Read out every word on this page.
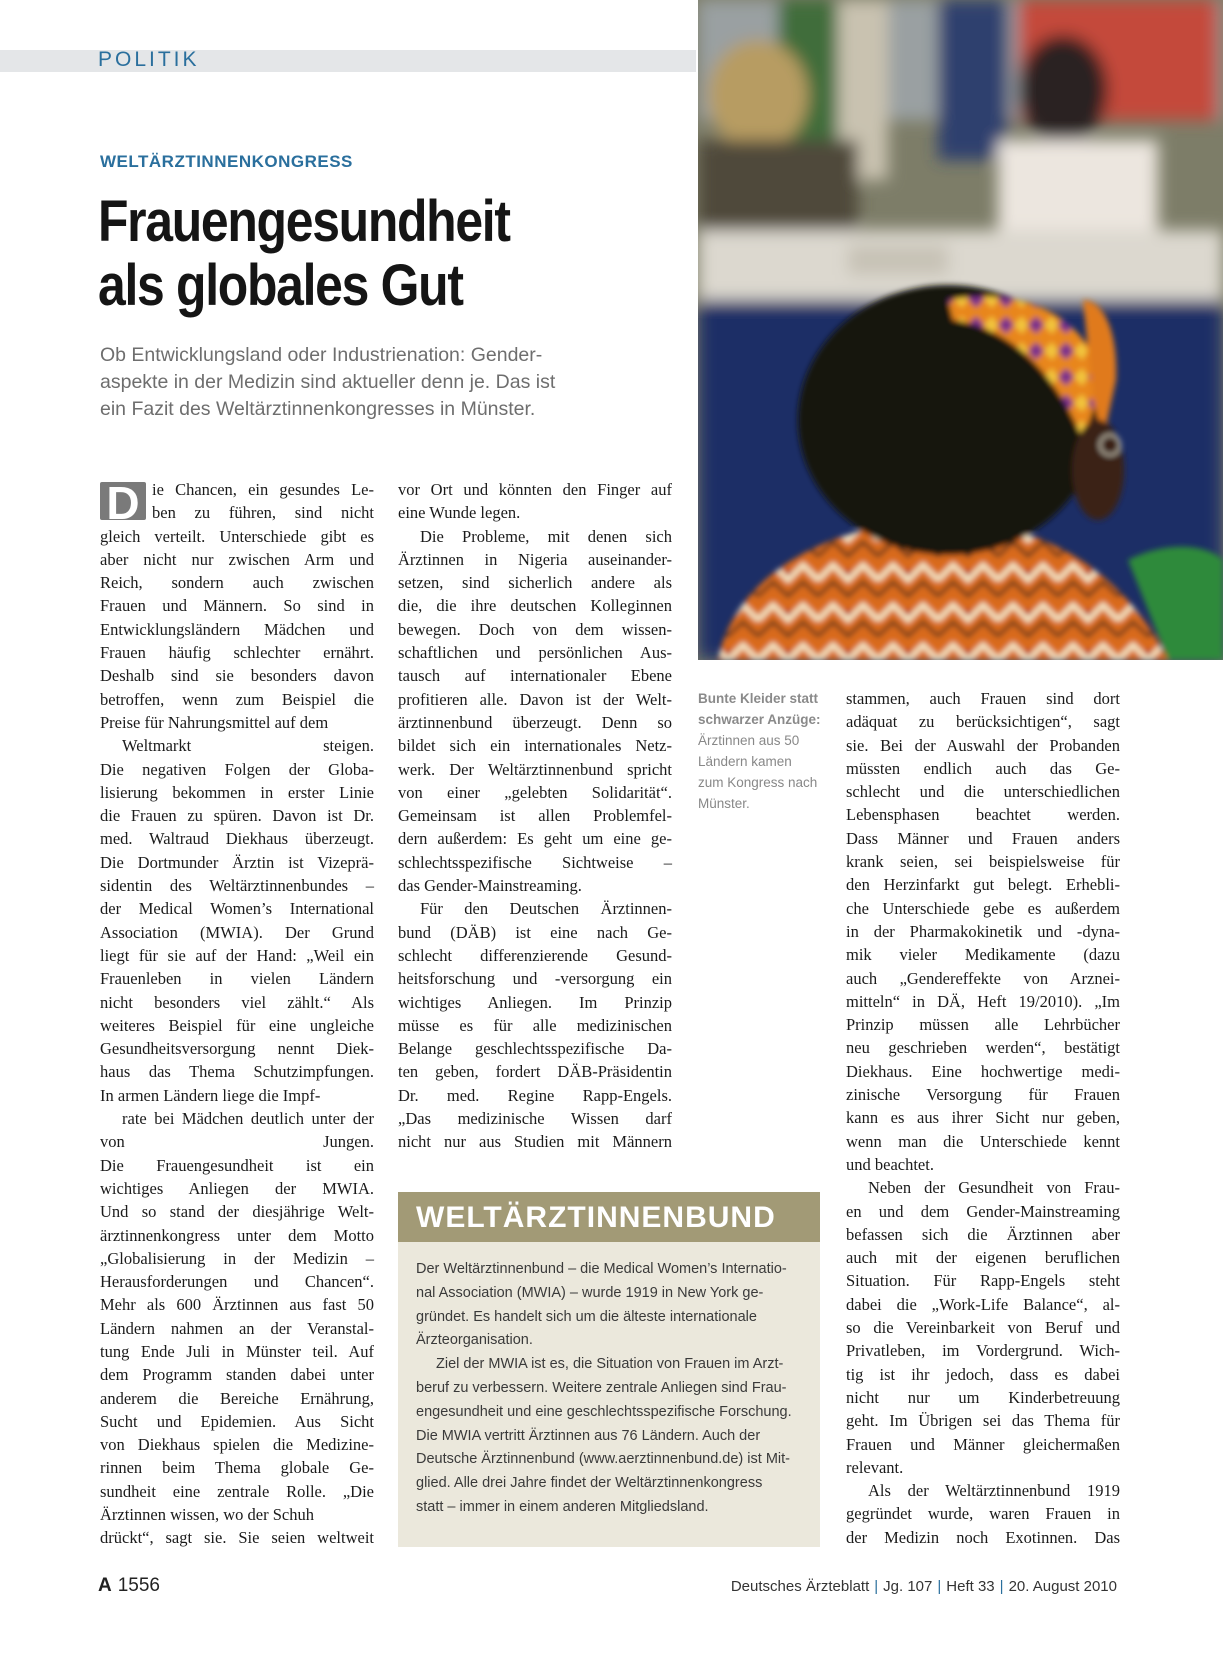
POLITIK
WELTÄRZTINNENKONGRESS
Frauengesundheit
als globales Gut
Ob Entwicklungsland oder Industrienation: Gender-
aspekte in der Medizin sind aktueller denn je. Das ist
ein Fazit des Weltärztinnenkongresses in Münster.
D ie Chancen, ein gesundes Le-
ben zu führen, sind nicht
gleich verteilt. Unterschiede gibt es
aber nicht nur zwischen Arm und
Reich, sondern auch zwischen
Frauen und Männern. So sind in
Entwicklungsländern Mädchen und
Frauen häufig schlechter ernährt.
Deshalb sind sie besonders davon
betroffen, wenn zum Beispiel die
Preise für Nahrungsmittel auf dem
Weltmarkt steigen.
Die negativen Folgen der Globa-
lisierung bekommen in erster Linie
die Frauen zu spüren. Davon ist Dr.
med. Waltraud Diekhaus überzeugt.
Die Dortmunder Ärztin ist Vizeprä-
sidentin des Weltärztinnenbundes –
der Medical Women’s International
Association (MWIA). Der Grund
liegt für sie auf der Hand: „Weil ein
Frauenleben in vielen Ländern
nicht besonders viel zählt.“ Als
weiteres Beispiel für eine ungleiche
Gesundheitsversorgung nennt Diek-
haus das Thema Schutzimpfungen.
In armen Ländern liege die Impf-
rate bei Mädchen deutlich unter der
von Jungen.
Die Frauengesundheit ist ein
wichtiges Anliegen der MWIA.
Und so stand der diesjährige Welt-
ärztinnenkongress unter dem Motto
„Globalisierung in der Medizin –
Herausforderungen und Chancen“.
Mehr als 600 Ärztinnen aus fast 50
Ländern nahmen an der Veranstal-
tung Ende Juli in Münster teil. Auf
dem Programm standen dabei unter
anderem die Bereiche Ernährung,
Sucht und Epidemien. Aus Sicht
von Diekhaus spielen die Medizine-
rinnen beim Thema globale Ge-
sundheit eine zentrale Rolle. „Die
Ärztinnen wissen, wo der Schuh
drückt“, sagt sie. Sie seien weltweit
vor Ort und könnten den Finger auf
eine Wunde legen.
Die Probleme, mit denen sich
Ärztinnen in Nigeria auseinander-
setzen, sind sicherlich andere als
die, die ihre deutschen Kolleginnen
bewegen. Doch von dem wissen-
schaftlichen und persönlichen Aus-
tausch auf internationaler Ebene
profitieren alle. Davon ist der Welt-
ärztinnenbund überzeugt. Denn so
bildet sich ein internationales Netz-
werk. Der Weltärztinnenbund spricht
von einer „gelebten Solidarität“.
Gemeinsam ist allen Problemfel-
dern außerdem: Es geht um eine ge-
schlechtsspezifische Sichtweise –
das Gender-Mainstreaming.
Für den Deutschen Ärztinnen-
bund (DÄB) ist eine nach Ge-
schlecht differenzierende Gesund-
heitsforschung und -versorgung ein
wichtiges Anliegen. Im Prinzip
müsse es für alle medizinischen
Belange geschlechtsspezifische Da-
ten geben, fordert DÄB-Präsidentin
Dr. med. Regine Rapp-Engels.
„Das medizinische Wissen darf
nicht nur aus Studien mit Männern
stammen, auch Frauen sind dort
adäquat zu berücksichtigen“, sagt
sie. Bei der Auswahl der Probanden
müssten endlich auch das Ge-
schlecht und die unterschiedlichen
Lebensphasen beachtet werden.
Dass Männer und Frauen anders
krank seien, sei beispielsweise für
den Herzinfarkt gut belegt. Erhebli-
che Unterschiede gebe es außerdem
in der Pharmakokinetik und -dyna-
mik vieler Medikamente (dazu
auch „Gendereffekte von Arznei-
mitteln“ in DÄ, Heft 19/2010). „Im
Prinzip müssen alle Lehrbücher
neu geschrieben werden“, bestätigt
Diekhaus. Eine hochwertige medi-
zinische Versorgung für Frauen
kann es aus ihrer Sicht nur geben,
wenn man die Unterschiede kennt
und beachtet.
Neben der Gesundheit von Frau-
en und dem Gender-Mainstreaming
befassen sich die Ärztinnen aber
auch mit der eigenen beruflichen
Situation. Für Rapp-Engels steht
dabei die „Work-Life Balance“, al-
so die Vereinbarkeit von Beruf und
Privatleben, im Vordergrund. Wich-
tig ist ihr jedoch, dass es dabei
nicht nur um Kinderbetreuung
geht. Im Übrigen sei das Thema für
Frauen und Männer gleichermaßen
relevant.
Als der Weltärztinnenbund 1919
gegründet wurde, waren Frauen in
der Medizin noch Exotinnen. Das
Bunte Kleider statt
schwarzer Anzüge:
Ärztinnen aus 50
Ländern kamen
zum Kongress nach
Münster.
WELTÄRZTINNENBUND
Der Weltärztinnenbund – die Medical Women’s Internatio-
nal Association (MWIA) – wurde 1919 in New York ge-
gründet. Es handelt sich um die älteste internationale
Ärzteorganisation.
Ziel der MWIA ist es, die Situation von Frauen im Arzt-
beruf zu verbessern. Weitere zentrale Anliegen sind Frau-
engesundheit und eine geschlechtsspezifische Forschung.
Die MWIA vertritt Ärztinnen aus 76 Ländern. Auch der
Deutsche Ärztinnenbund (www.aerztinnenbund.de) ist Mit-
glied. Alle drei Jahre findet der Weltärztinnenkongress
statt – immer in einem anderen Mitgliedsland.
A 1556	Deutsches Ärzteblatt | Jg. 107 | Heft 33 | 20. August 2010
